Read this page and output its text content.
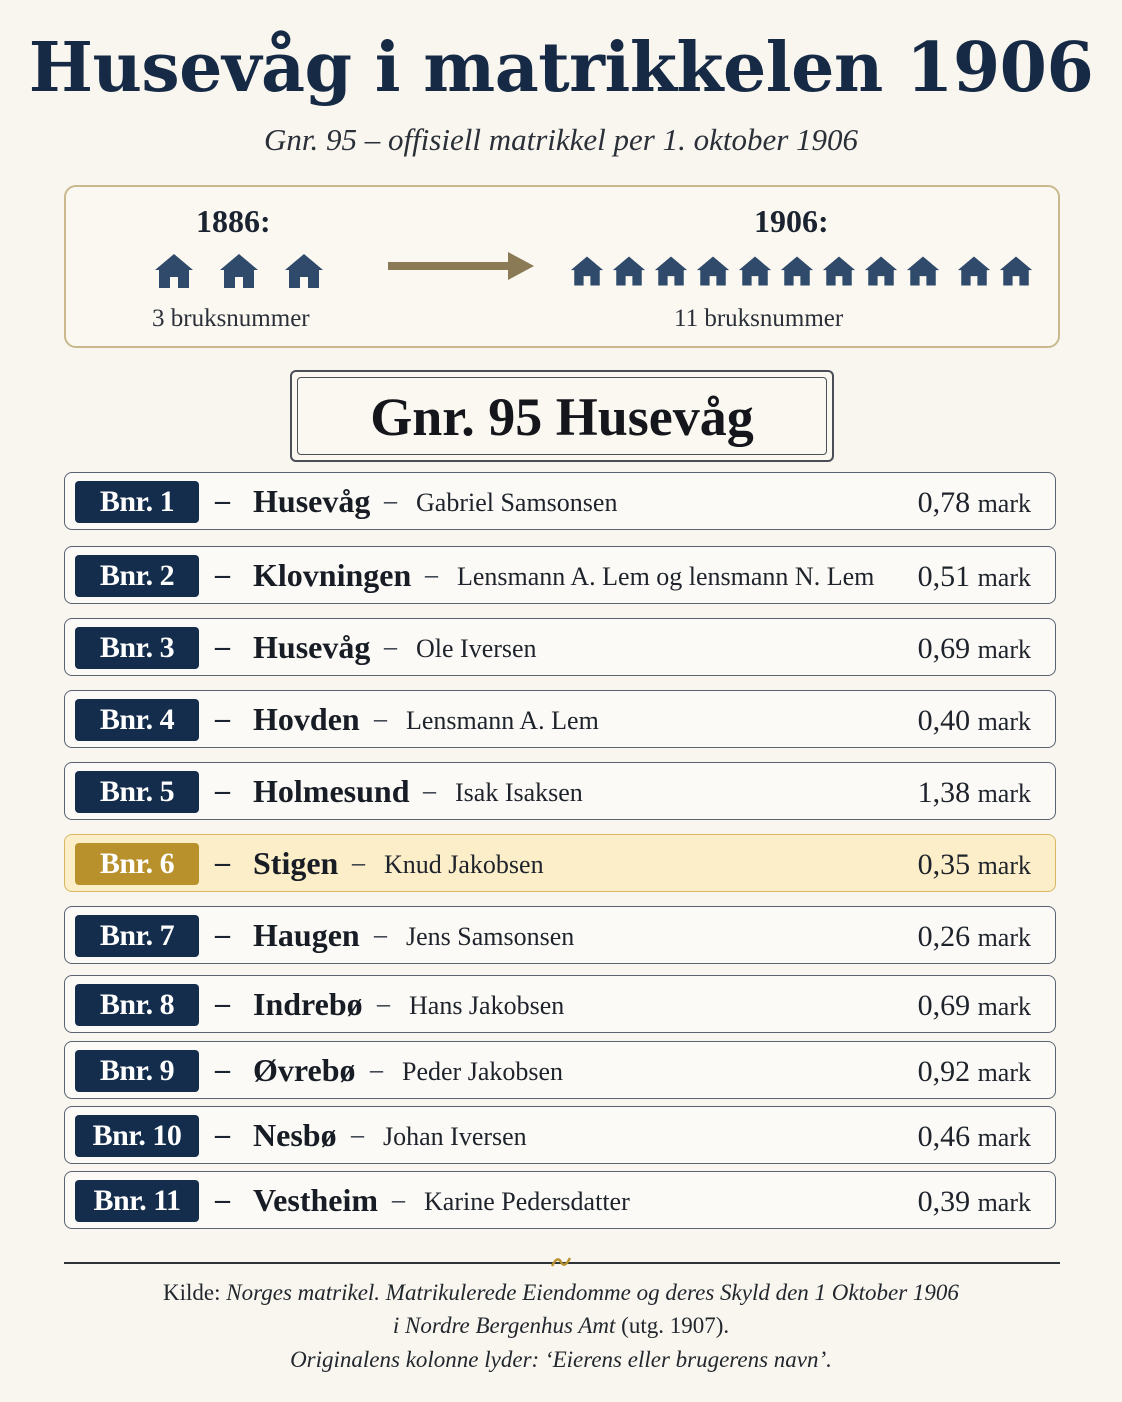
Husevåg i matrikkelen 1906
Gnr. 95 – offisiell matrikkel per 1. oktober 1906
1886:
3 bruksnummer
1906:
11 bruksnummer
Gnr. 95 Husevåg
Bnr. 1	– Husevåg – Gabriel Samsonsen	0,78 mark
Bnr. 2	– Klovningen – Lensmann A. Lem og lensmann N. Lem 0,51 mark
Bnr. 3	– Husevåg – Ole Iversen	0,69 mark
Bnr. 4	– Hovden – Lensmann A. Lem	0,40 mark
Bnr. 5	– Holmesund – Isak Isaksen	1,38 mark
Bnr. 6	– Stigen – Knud Jakobsen	0,35 mark
Bnr. 7	– Haugen – Jens Samsonsen	0,26 mark
Bnr. 8	– Indrebø – Hans Jakobsen	0,69 mark
Bnr. 9	– Øvrebø – Peder Jakobsen	0,92 mark
Bnr. 10	– Nesbø – Johan Iversen	0,46 mark
Bnr. 11	– Vestheim – Karine Pedersdatter	0,39 mark
Kilde: Norges matrikel. Matrikulerede Eiendomme og deres Skyld den 1 Oktober 1906
i Nordre Bergenhus Amt (utg. 1907).
Originalens kolonne lyder: ‘Eierens eller brugerens navn’.
